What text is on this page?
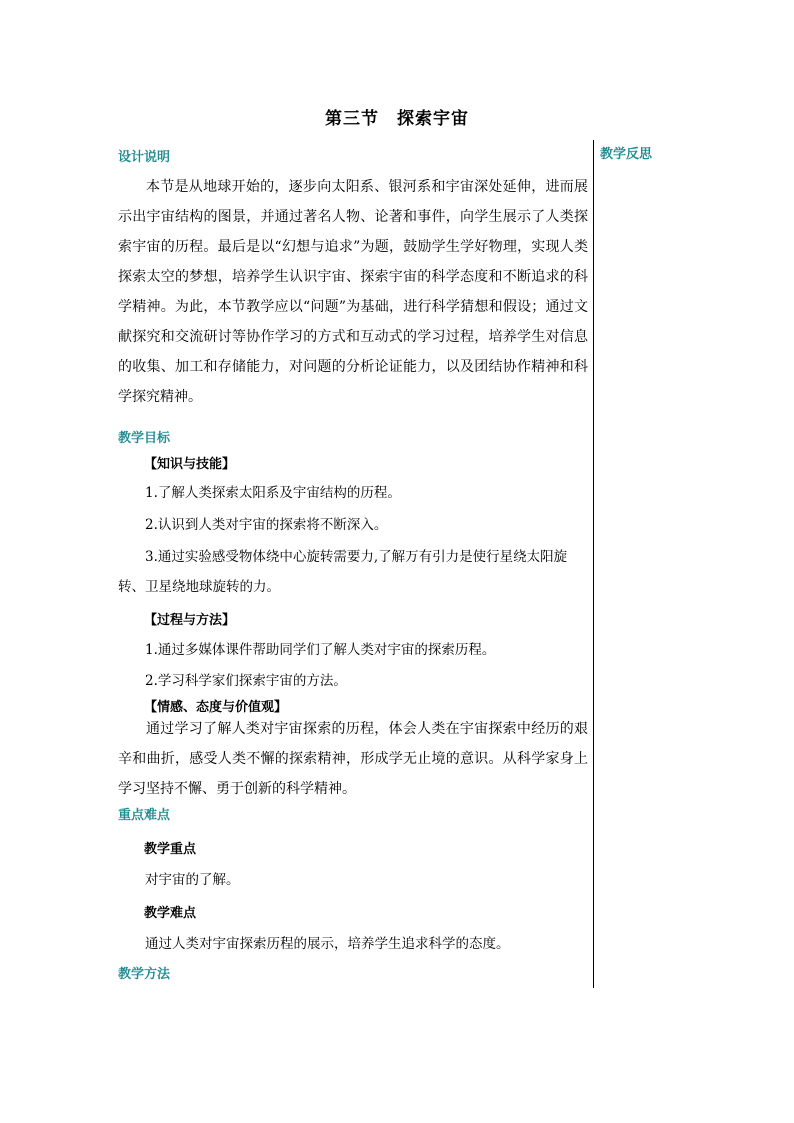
第三节　探索宇宙
教学反思
设计说明

本节是从地球开始的，逐步向太阳系、银河系和宇宙深处延伸，进而展示出宇宙结构的图景，并通过著名人物、论著和事件，向学生展示了人类探索宇宙的历程。最后是以“幻想与追求”为题，鼓励学生学好物理，实现人类探索太空的梦想，培养学生认识宇宙、探索宇宙的科学态度和不断追求的科学精神。为此，本节教学应以“问题”为基础，进行科学猜想和假设；通过文献探究和交流研讨等协作学习的方式和互动式的学习过程，培养学生对信息的收集、加工和存储能力，对问题的分析论证能力，以及团结协作精神和科学探究精神。

教学目标
【知识与技能】

1.了解人类探索太阳系及宇宙结构的历程。

2.认识到人类对宇宙的探索将不断深入。

3.通过实验感受物体绕中心旋转需要力,了解万有引力是使行星绕太阳旋转、卫星绕地球旋转的力。

【过程与方法】

1.通过多媒体课件帮助同学们了解人类对宇宙的探索历程。

2.学习科学家们探索宇宙的方法。

【情感、态度与价值观】

通过学习了解人类对宇宙探索的历程，体会人类在宇宙探索中经历的艰辛和曲折，感受人类不懈的探索精神，形成学无止境的意识。从科学家身上学习坚持不懈、勇于创新的科学精神。

重点难点
教学重点

对宇宙的了解。

教学难点

通过人类对宇宙探索历程的展示，培养学生追求科学的态度。

教学方法
